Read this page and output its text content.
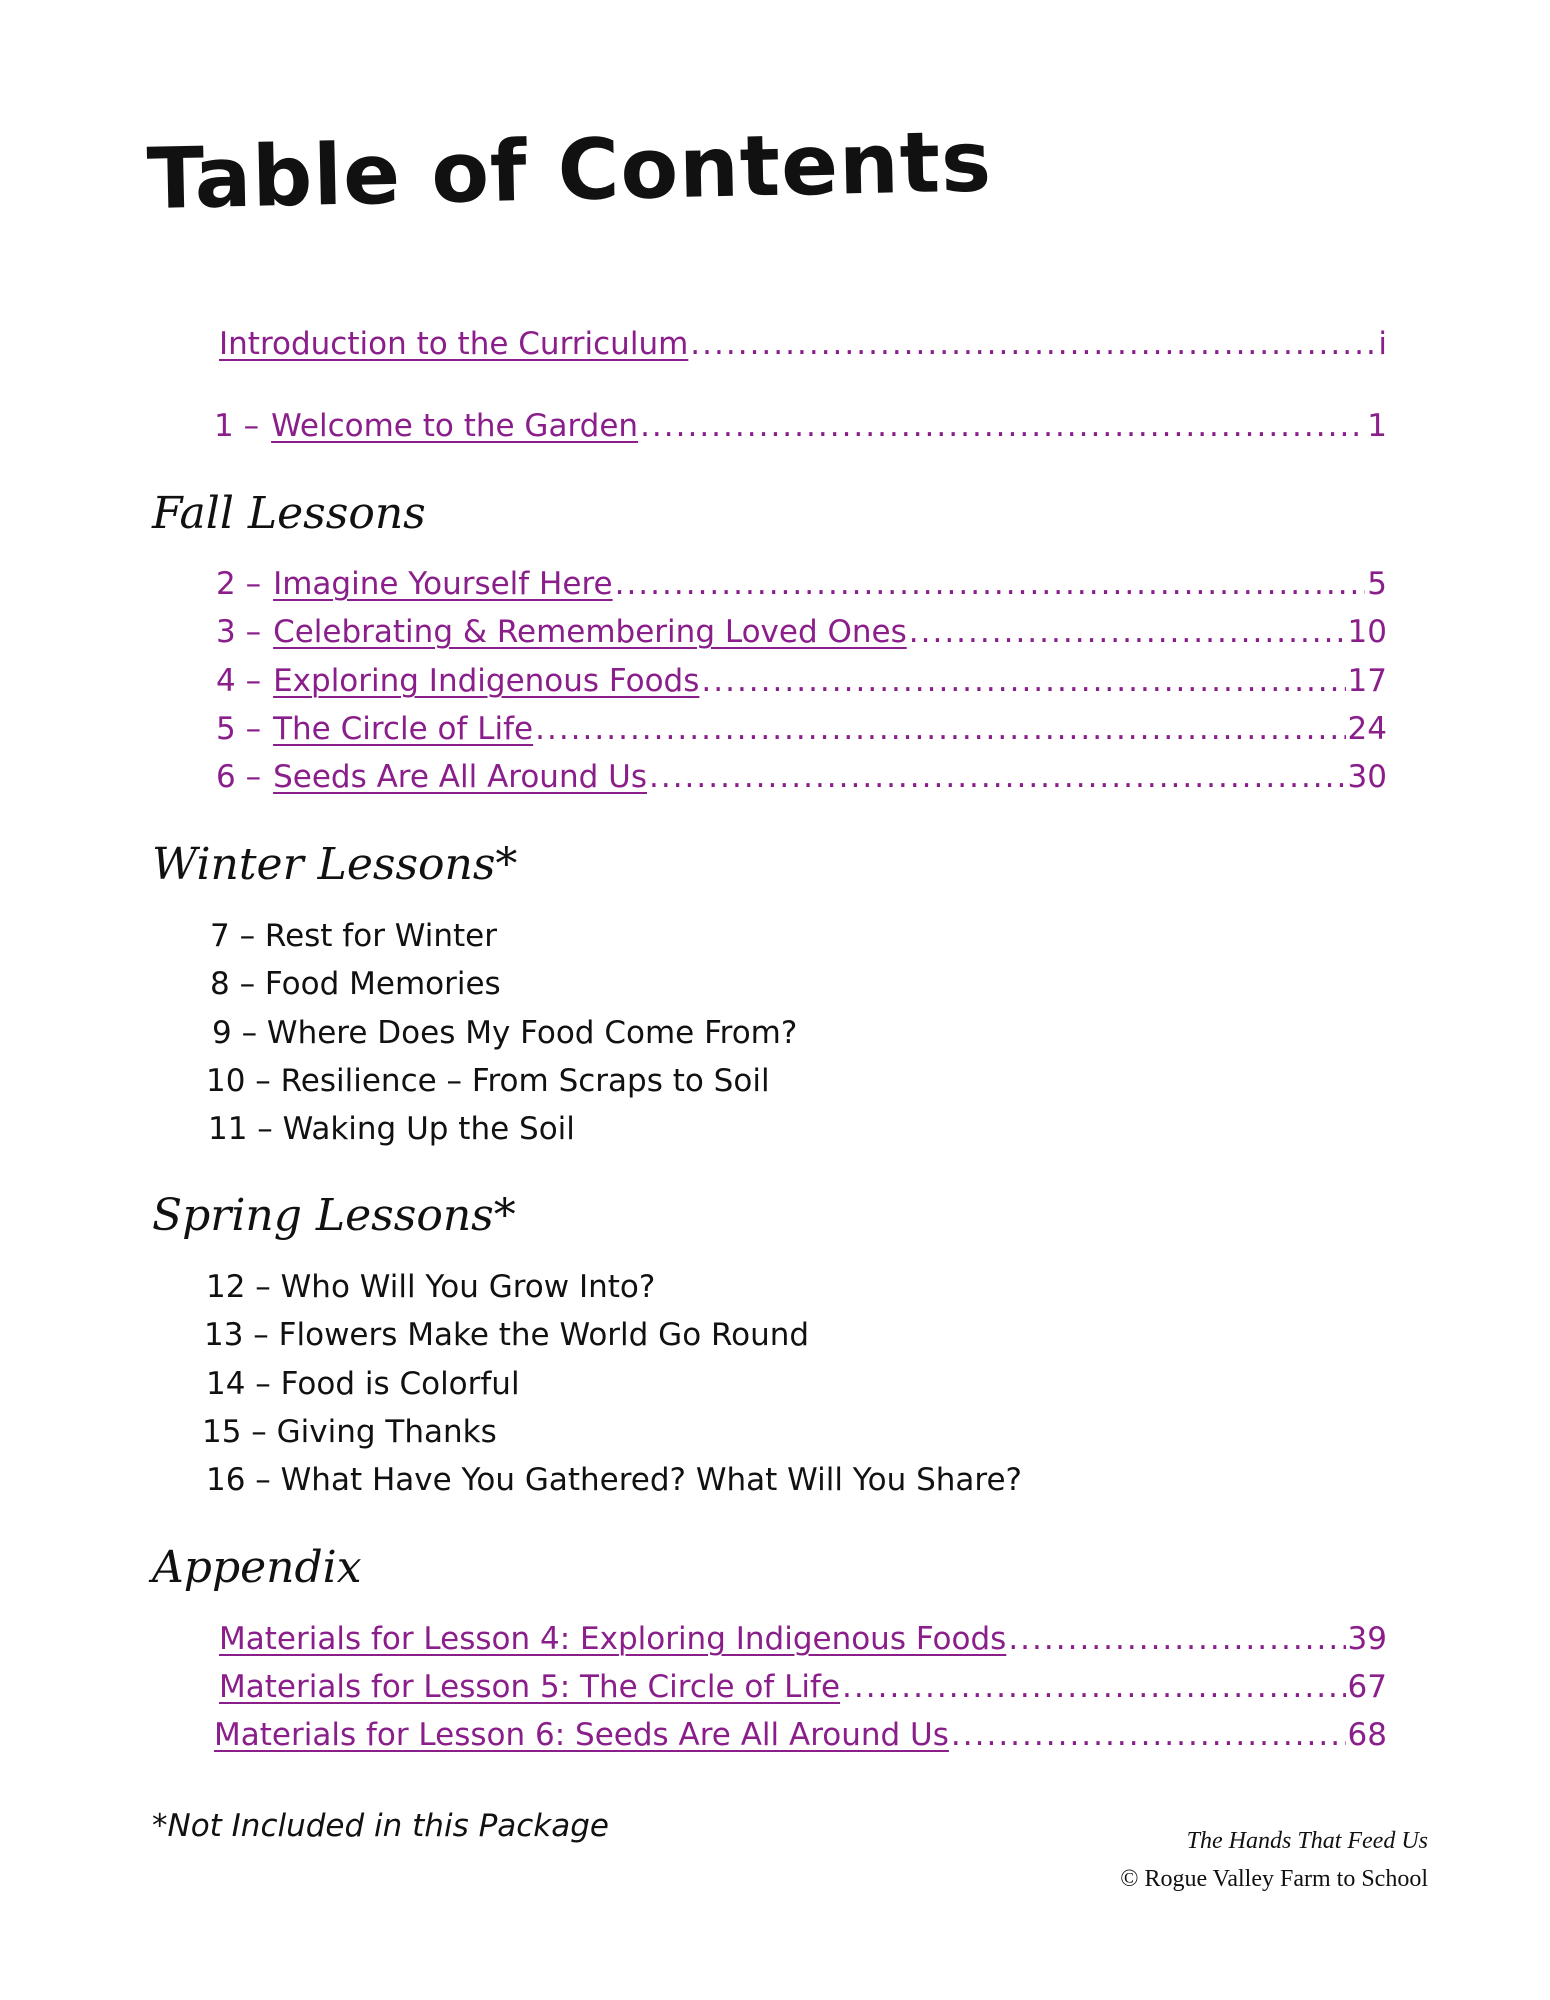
Table of Contents
Introduction to the Curriculum .....	i
1 – Welcome to the Garden .....	1
Fall Lessons
2 – Imagine Yourself Here .....	5
3 – Celebrating & Remembering Loved Ones .....	10
4 – Exploring Indigenous Foods .....	17
5 – The Circle of Life .....	24
6 – Seeds Are All Around Us .....	30
Winter Lessons*
7 – Rest for Winter
8 – Food Memories
9 – Where Does My Food Come From?
10 – Resilience – From Scraps to Soil
11 – Waking Up the Soil
Spring Lessons*
12 – Who Will You Grow Into?
13 – Flowers Make the World Go Round
14 – Food is Colorful
15 – Giving Thanks
16 – What Have You Gathered? What Will You Share?
Appendix
Materials for Lesson 4: Exploring Indigenous Foods .....	39
Materials for Lesson 5: The Circle of Life .....	67
Materials for Lesson 6: Seeds Are All Around Us .....	68
*Not Included in this Package	The Hands That Feed Us
© Rogue Valley Farm to School
